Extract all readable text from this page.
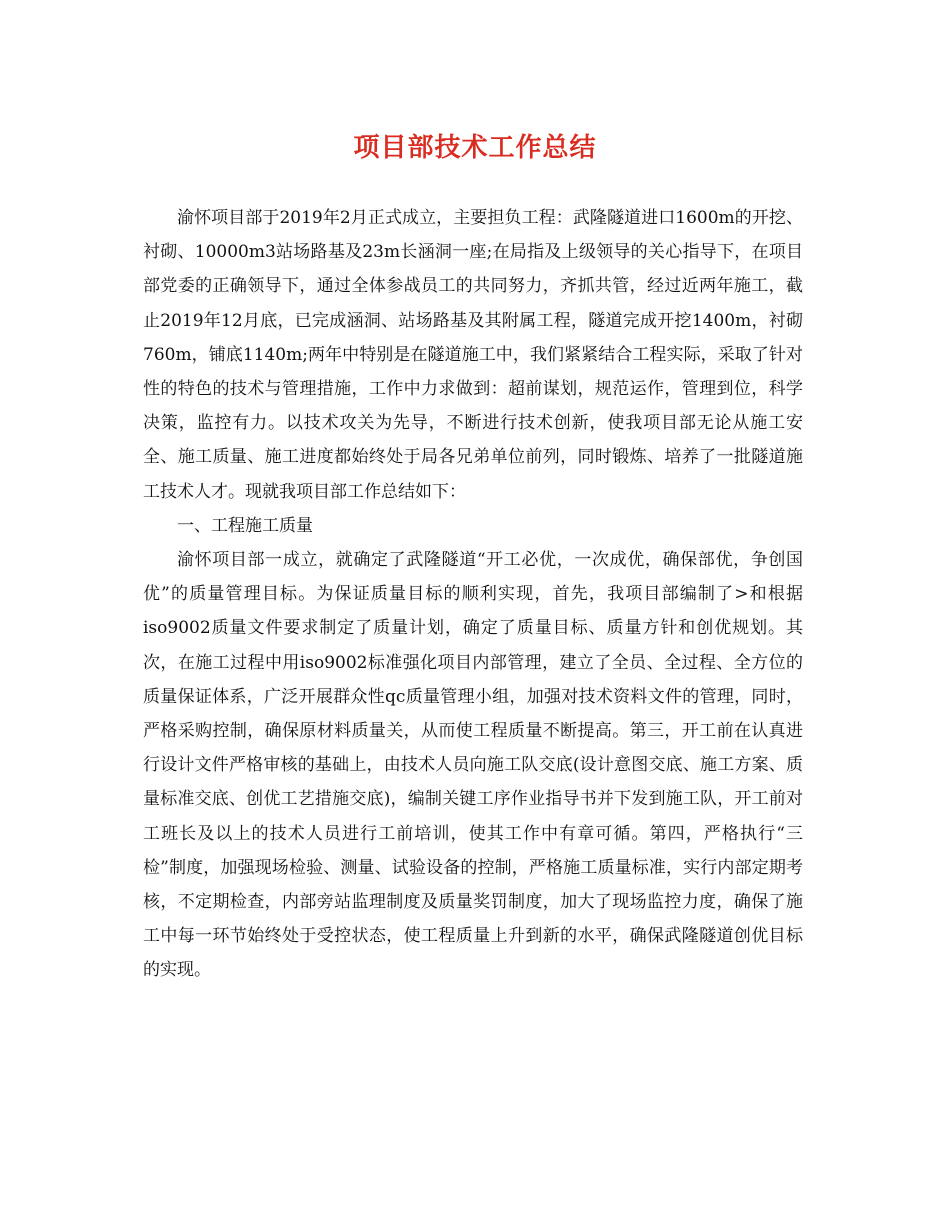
项目部技术工作总结

渝怀项目部于2019年2月正式成立，主要担负工程：武隆隧道进口1600m的开挖、衬砌、10000m3站场路基及23m长涵洞一座;在局指及上级领导的关心指导下，在项目部党委的正确领导下，通过全体参战员工的共同努力，齐抓共管，经过近两年施工，截止2019年12月底，已完成涵洞、站场路基及其附属工程，隧道完成开挖1400m，衬砌760m，铺底1140m;两年中特别是在隧道施工中，我们紧紧结合工程实际，采取了针对性的特色的技术与管理措施，工作中力求做到：超前谋划，规范运作，管理到位，科学决策，监控有力。以技术攻关为先导，不断进行技术创新，使我项目部无论从施工安全、施工质量、施工进度都始终处于局各兄弟单位前列，同时锻炼、培养了一批隧道施工技术人才。现就我项目部工作总结如下：

一、工程施工质量

渝怀项目部一成立，就确定了武隆隧道“开工必优，一次成优，确保部优，争创国优”的质量管理目标。为保证质量目标的顺利实现，首先，我项目部编制了>和根据iso9002质量文件要求制定了质量计划，确定了质量目标、质量方针和创优规划。其次，在施工过程中用iso9002标准强化项目内部管理，建立了全员、全过程、全方位的质量保证体系，广泛开展群众性qc质量管理小组，加强对技术资料文件的管理，同时，严格采购控制，确保原材料质量关，从而使工程质量不断提高。第三，开工前在认真进行设计文件严格审核的基础上，由技术人员向施工队交底(设计意图交底、施工方案、质量标准交底、创优工艺措施交底)，编制关键工序作业指导书并下发到施工队，开工前对工班长及以上的技术人员进行工前培训，使其工作中有章可循。第四，严格执行“三检”制度，加强现场检验、测量、试验设备的控制，严格施工质量标准，实行内部定期考核，不定期检查，内部旁站监理制度及质量奖罚制度，加大了现场监控力度，确保了施工中每一环节始终处于受控状态，使工程质量上升到新的水平，确保武隆隧道创优目标的实现。
